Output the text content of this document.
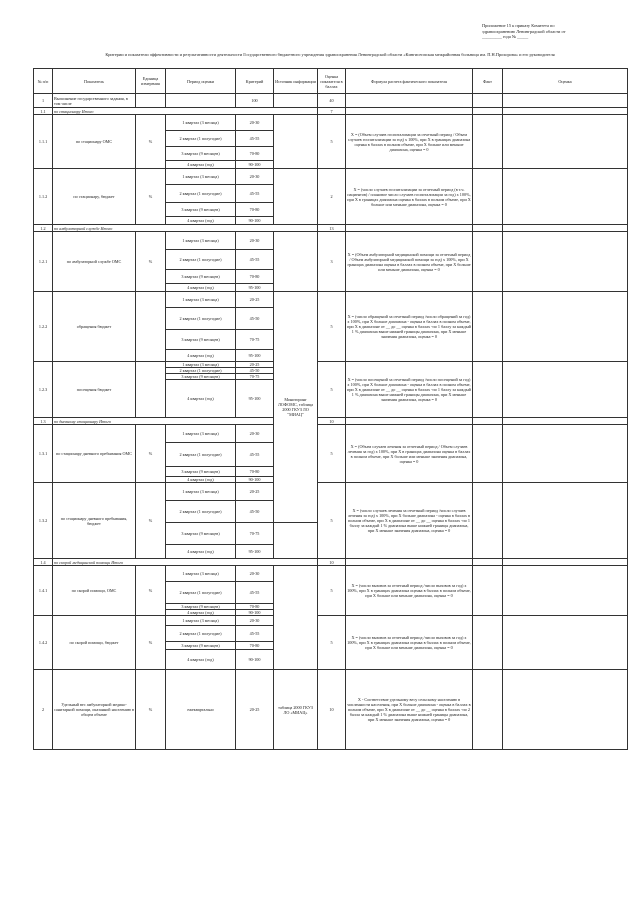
Приложение 15 к приказу Комитета по
здравоохранению Ленинградской области от
_________ года № _____
Критерии и показатели эффективности и результативности деятельности Государственного бюджетного учреждения здравоохранения Ленинградской области «Кингисеппская межрайонная больница им. П.Н.Прохорова» и его руководителя
№ п/п	Показатель	Единица измерения	Период оценки	Критерий	Источник информации	Оценка показателя в баллах	Формула расчета фактического показателя	Факт	Оценка
1	Выполнение государственного задания, в том числе			100		40			
1.1	по стационару Итого					7			
1.1.1	по стационару ОМС	%	1 квартал (3 месяца)	20-30		5	X = (Объем случаев госпитализации за отчетный период / Объем случаев госпитализации за год) x 100%, при X в границах диапазона оценка в баллах в полном объеме, при X больше или меньше диапазона, оценка = 0		
			2 квартал (1 полугодие)	45-55					
			3 квартал (9 месяцев)	70-80					
			4 квартал (год)	90-100					
1.1.2	по стационару, бюджет	%	1 квартал (3 месяца)	20-30		2	X = (число случаев госпитализации за отчетный период (в т.ч. пациентов) / плановое число случаев госпитализации за год) x 100%, при X в границах диапазона оценка в баллах в полном объеме, при X больше или меньше диапазона, оценка = 0		
			2 квартал (1 полугодие)	45-55					
			3 квартал (9 месяцев)	70-80					
			4 квартал (год)	90-100					
1.2	по амбулаторной службе Итого					13			
1.2.1	по амбулаторной службе ОМС	%	1 квартал (3 месяца)	20-30		3	X = (Объем амбулаторной медицинской помощи за отчетный период / Объем амбулаторной медицинской помощи за год) x 100%, при X границах диапазона оценка в баллах в полном объеме, при X больше или меньше диапазона, оценка = 0		
			2 квартал (1 полугодие)	45-55					
			3 квартал (9 месяцев)	70-80					
			4 квартал (год)	95-100					
1.2.2	обращения бюджет		1 квартал (3 месяца)	20-25	Мониторинг ЛОФОМС, таблица 2000 ГКУЗ ЛО "МИАЦ"	5	X = (число обращений за отчетный период /число обращений за год) x 100%, при X больше диапазона - оценка в баллах в полном объеме, при X в диапазоне от __ до __ оценка в баллах -по 1 баллу за каждый 1 % диапазона выше нижней границы диапазона, при X меньше значения диапазона, оценка = 0		
			2 квартал (1 полугодие)	45-50					
			3 квартал (9 месяцев)	70-75					
			4 квартал (год)	95-100					
1.2.3	посещения бюджет		1 квартал (3 месяца)	20-25		5	X = (число посещений за отчетный период /число посещений за год) x 100%, при X больше диапазона - оценка в баллах в полном объеме, при X в диапазоне от __ до __ оценка в баллах -по 1 баллу за каждый 1 % диапазона выше нижней границы диапазона, при X меньше значения диапазона, оценка = 0		
			2 квартал (1 полугодие)	45-50					
			3 квартал (9 месяцев)	70-75					
			4 квартал (год)	95-100					
1.3	по дневному стационару Итого					10			
1.3.1	по стационару дневного пребывания ОМС	%	1 квартал (3 месяца)	20-30		5	X = (Объем случаев лечения за отчетный период / Объем случаев лечения за год) x 100%, при X в границах диапазона оценка в баллах в полном объеме, при X больше или меньше значения диапазона, оценка = 0		
			2 квартал (1 полугодие)	45-55					
			3 квартал (9 месяцев)	70-80					
			4 квартал (год)	90-100					
1.3.2	по стационару дневного пребывания, бюджет	%	1 квартал (3 месяца)	20-25		5	X = (число случаев лечения за отчетный период /число случаев лечения за год) x 100%, при X больше диапазона - оценка в баллах в полном объеме, при X в диапазоне от __ до __ оценка в баллах -по 1 баллу за каждый 1 % диапазона выше нижней границы диапазона, при X меньше значения диапазона, оценка = 0		
			2 квартал (1 полугодие)	45-50					
			3 квартал (9 месяцев)	70-75					
			4 квартал (год)	95-100					
1.4	по скорой медицинской помощи Итого					10			
1.4.1	по скорой помощи, ОМС	%	1 квартал (3 месяца)	20-30		5	X = (число вызовов за отчетный период /число вызовов за год) x 100%, при X в границах диапазона оценка в баллах в полном объеме, при X больше или меньше диапазона, оценка = 0		
			2 квартал (1 полугодие)	45-55					
			3 квартал (9 месяцев)	70-80					
			4 квартал (год)	90-100					
1.4.2	по скорой помощи, бюджет	%	1 квартал (3 месяца)	20-30		5	X = (число вызовов за отчетный период /число вызовов за год) x 100%, при X в границах диапазона оценка в баллах в полном объеме, при X больше или меньше диапазона, оценка = 0		
			2 квартал (1 полугодие)	45-55					
			3 квартал (9 месяцев)	70-80					
			4 квартал (год)	90-100					
2	Удельный вес амбулаторной медико-санитарной помощи, оказанной населению в общем объеме	%	ежеквартально	20-25	таблица 2000 ГКУЗ ЛО «МИАЦ»	10	X - Соответствие удельному весу сельскому населению в численности населения, при X больше диапазона - оценка в баллах в полном объеме, при X в диапазоне от __ до __ оценка в баллах -по 2 балла за каждый 1 % диапазона выше нижней границы диапазона, при X меньше значения диапазона, оценка = 0		
